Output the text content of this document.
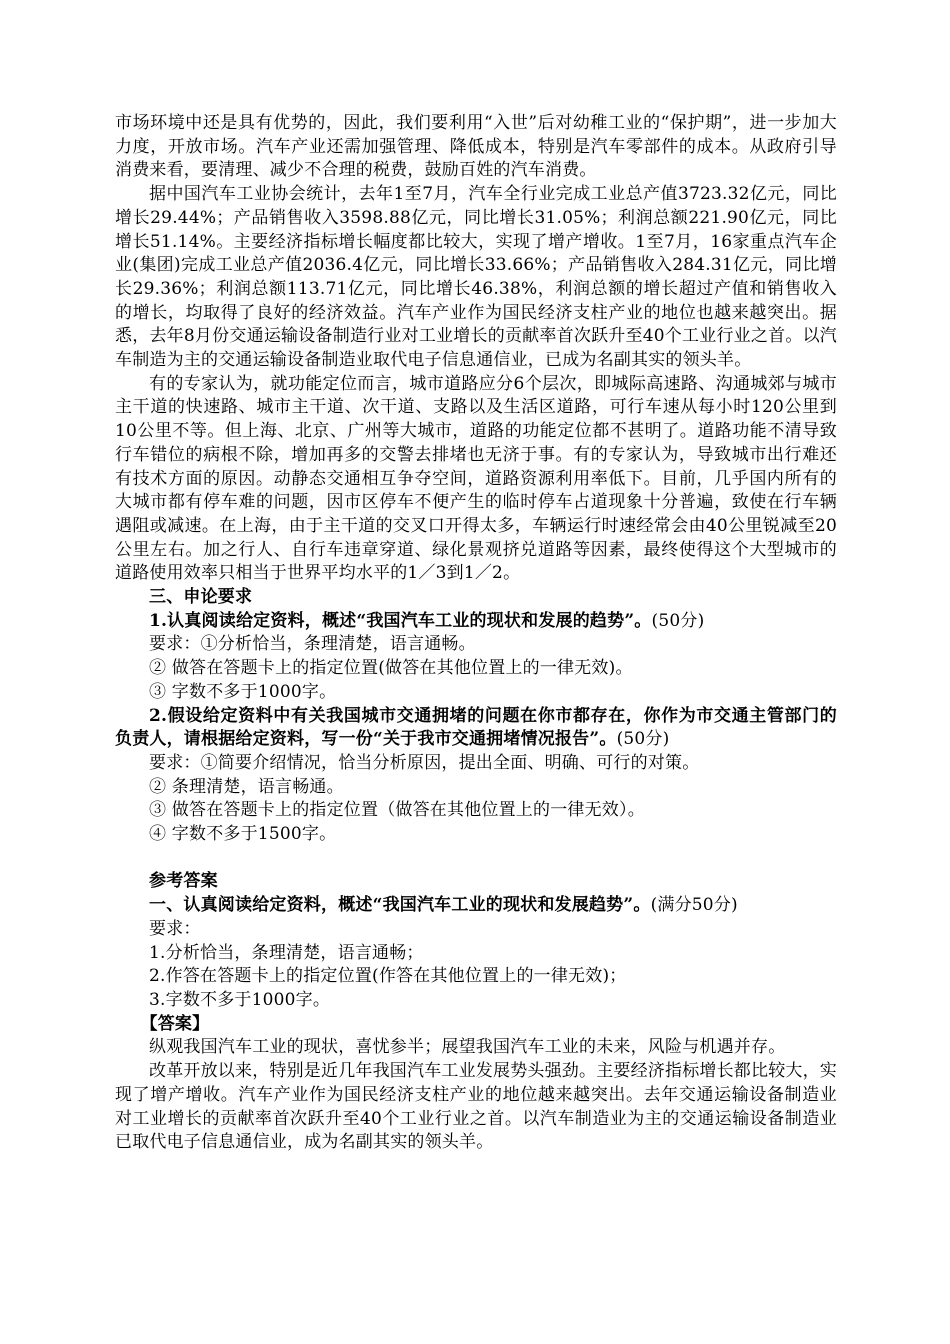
市场环境中还是具有优势的，因此，我们要利用“入世”后对幼稚工业的“保护期”，进一步加大力度，开放市场。汽车产业还需加强管理、降低成本，特别是汽车零部件的成本。从政府引导消费来看，要清理、减少不合理的税费，鼓励百姓的汽车消费。

据中国汽车工业协会统计，去年1至7月，汽车全行业完成工业总产值3723.32亿元，同比增长29.44%；产品销售收入3598.88亿元，同比增长31.05%；利润总额221.90亿元，同比增长51.14%。主要经济指标增长幅度都比较大，实现了增产增收。1至7月，16家重点汽车企业(集团)完成工业总产值2036.4亿元，同比增长33.66%；产品销售收入284.31亿元，同比增长29.36%；利润总额113.71亿元，同比增长46.38%，利润总额的增长超过产值和销售收入的增长，均取得了良好的经济效益。汽车产业作为国民经济支柱产业的地位也越来越突出。据悉，去年8月份交通运输设备制造行业对工业增长的贡献率首次跃升至40个工业行业之首。以汽车制造为主的交通运输设备制造业取代电子信息通信业，已成为名副其实的领头羊。

有的专家认为，就功能定位而言，城市道路应分6个层次，即城际高速路、沟通城郊与城市主干道的快速路、城市主干道、次干道、支路以及生活区道路，可行车速从每小时120公里到10公里不等。但上海、北京、广州等大城市，道路的功能定位都不甚明了。道路功能不清导致行车错位的病根不除，增加再多的交警去排堵也无济于事。有的专家认为，导致城市出行难还有技术方面的原因。动静态交通相互争夺空间，道路资源利用率低下。目前，几乎国内所有的大城市都有停车难的问题，因市区停车不便产生的临时停车占道现象十分普遍，致使在行车辆遇阻或减速。在上海，由于主干道的交叉口开得太多，车辆运行时速经常会由40公里锐减至20公里左右。加之行人、自行车违章穿道、绿化景观挤兑道路等因素，最终使得这个大型城市的道路使用效率只相当于世界平均水平的1／3到1／2。

三、申论要求

1.认真阅读给定资料，概述“我国汽车工业的现状和发展的趋势”。(50分)

要求：①分析恰当，条理清楚，语言通畅。

② 做答在答题卡上的指定位置(做答在其他位置上的一律无效)。

③ 字数不多于1000字。

2.假设给定资料中有关我国城市交通拥堵的问题在你市都存在，你作为市交通主管部门的负责人，请根据给定资料，写一份“关于我市交通拥堵情况报告”。(50分)

要求：①简要介绍情况，恰当分析原因，提出全面、明确、可行的对策。

② 条理清楚，语言畅通。

③ 做答在答题卡上的指定位置（做答在其他位置上的一律无效）。

④ 字数不多于1500字。

参考答案

一、认真阅读给定资料，概述“我国汽车工业的现状和发展趋势”。(满分50分)

要求：

1.分析恰当，条理清楚，语言通畅；

2.作答在答题卡上的指定位置(作答在其他位置上的一律无效)；

3.字数不多于1000字。

【答案】

纵观我国汽车工业的现状，喜忧参半；展望我国汽车工业的未来，风险与机遇并存。

改革开放以来，特别是近几年我国汽车工业发展势头强劲。主要经济指标增长都比较大，实现了增产增收。汽车产业作为国民经济支柱产业的地位越来越突出。去年交通运输设备制造业对工业增长的贡献率首次跃升至40个工业行业之首。以汽车制造业为主的交通运输设备制造业已取代电子信息通信业，成为名副其实的领头羊。
